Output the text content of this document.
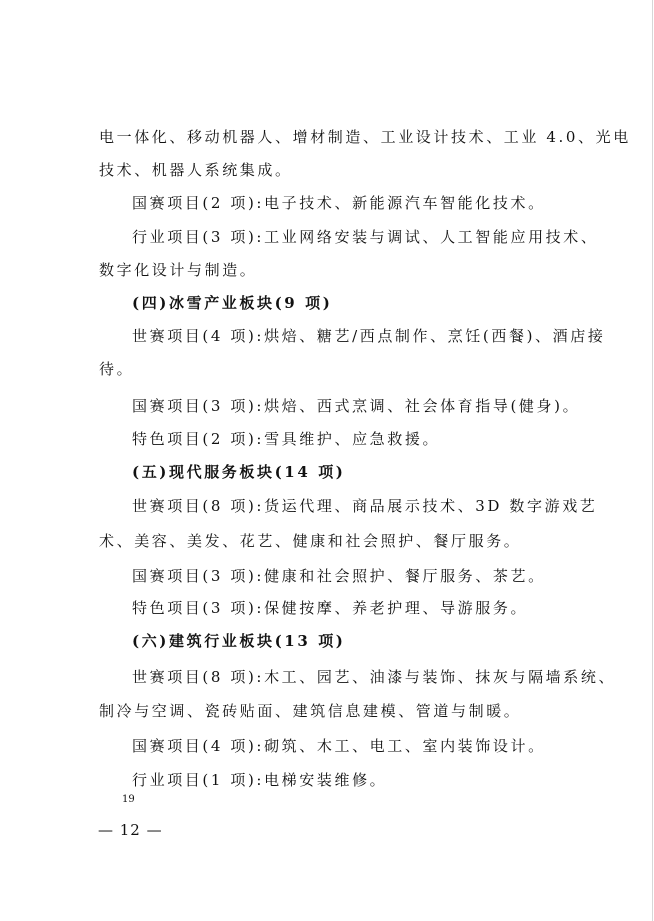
电一体化、移动机器人、增材制造、工业设计技术、工业 4.0、光电
技术、机器人系统集成。
国赛项目(2 项):电子技术、新能源汽车智能化技术。
行业项目(3 项):工业网络安装与调试、人工智能应用技术、
数字化设计与制造。
(四)冰雪产业板块(9 项)
世赛项目(4 项):烘焙、糖艺/西点制作、烹饪(西餐)、酒店接
待。
国赛项目(3 项):烘焙、西式烹调、社会体育指导(健身)。
特色项目(2 项):雪具维护、应急救援。
(五)现代服务板块(14 项)
世赛项目(8 项):货运代理、商品展示技术、3D 数字游戏艺
术、美容、美发、花艺、健康和社会照护、餐厅服务。
国赛项目(3 项):健康和社会照护、餐厅服务、茶艺。
特色项目(3 项):保健按摩、养老护理、导游服务。
(六)建筑行业板块(13 项)
世赛项目(8 项):木工、园艺、油漆与装饰、抹灰与隔墙系统、
制冷与空调、瓷砖贴面、建筑信息建模、管道与制暖。
国赛项目(4 项):砌筑、木工、电工、室内装饰设计。
行业项目(1 项):电梯安装维修。
19
— 12 —
